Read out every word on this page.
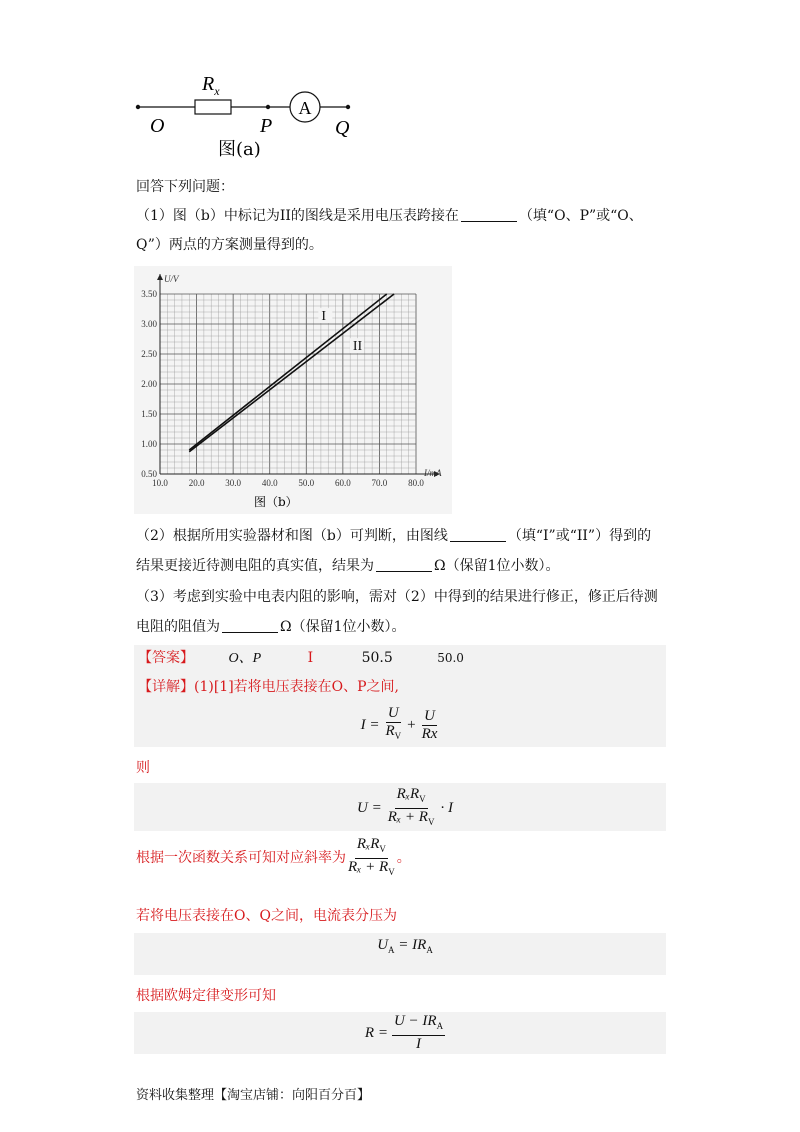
$R_x$
A
O	P	Q
图(a)
回答下列问题：
（1）图（b）中标记为II的图线是采用电压表跨接在	（填“O、P”或“O、
Q”）两点的方案测量得到的。
10.0 20.0 30.0 40.0 50.0 60.0 70.0 80.0
0.50
1.00
1.50
2.00
2.50
3.00
3.50
I
II
U/V
I/mA
图（b）
（2）根据所用实验器材和图（b）可判断，由图线	（填“I”或“II”）得到的
结果更接近待测电阻的真实值，结果为	Ω（保留1位小数）。
（3）考虑到实验中电表内阻的影响，需对（2）中得到的结果进行修正，修正后待测
电阻的阻值为	Ω（保留1位小数）。
【答案】 O、P	I	50.5	50.0
【详解】(1)[1]若将电压表接在O、P之间,
$I = \frac{U}{R_V} + \frac{U}{Rx}$
则
$U = \frac{R_xR_V}{R_x + R_V} \cdot I$
根据一次函数关系可知对应斜率为 $\frac{R_xR_V}{R_x + R_V}$ 。
若将电压表接在O、Q之间，电流表分压为
$U_A = IR_A$
根据欧姆定律变形可知
$R = \frac{U - IR_A}{I}$
资料收集整理【淘宝店铺：向阳百分百】
